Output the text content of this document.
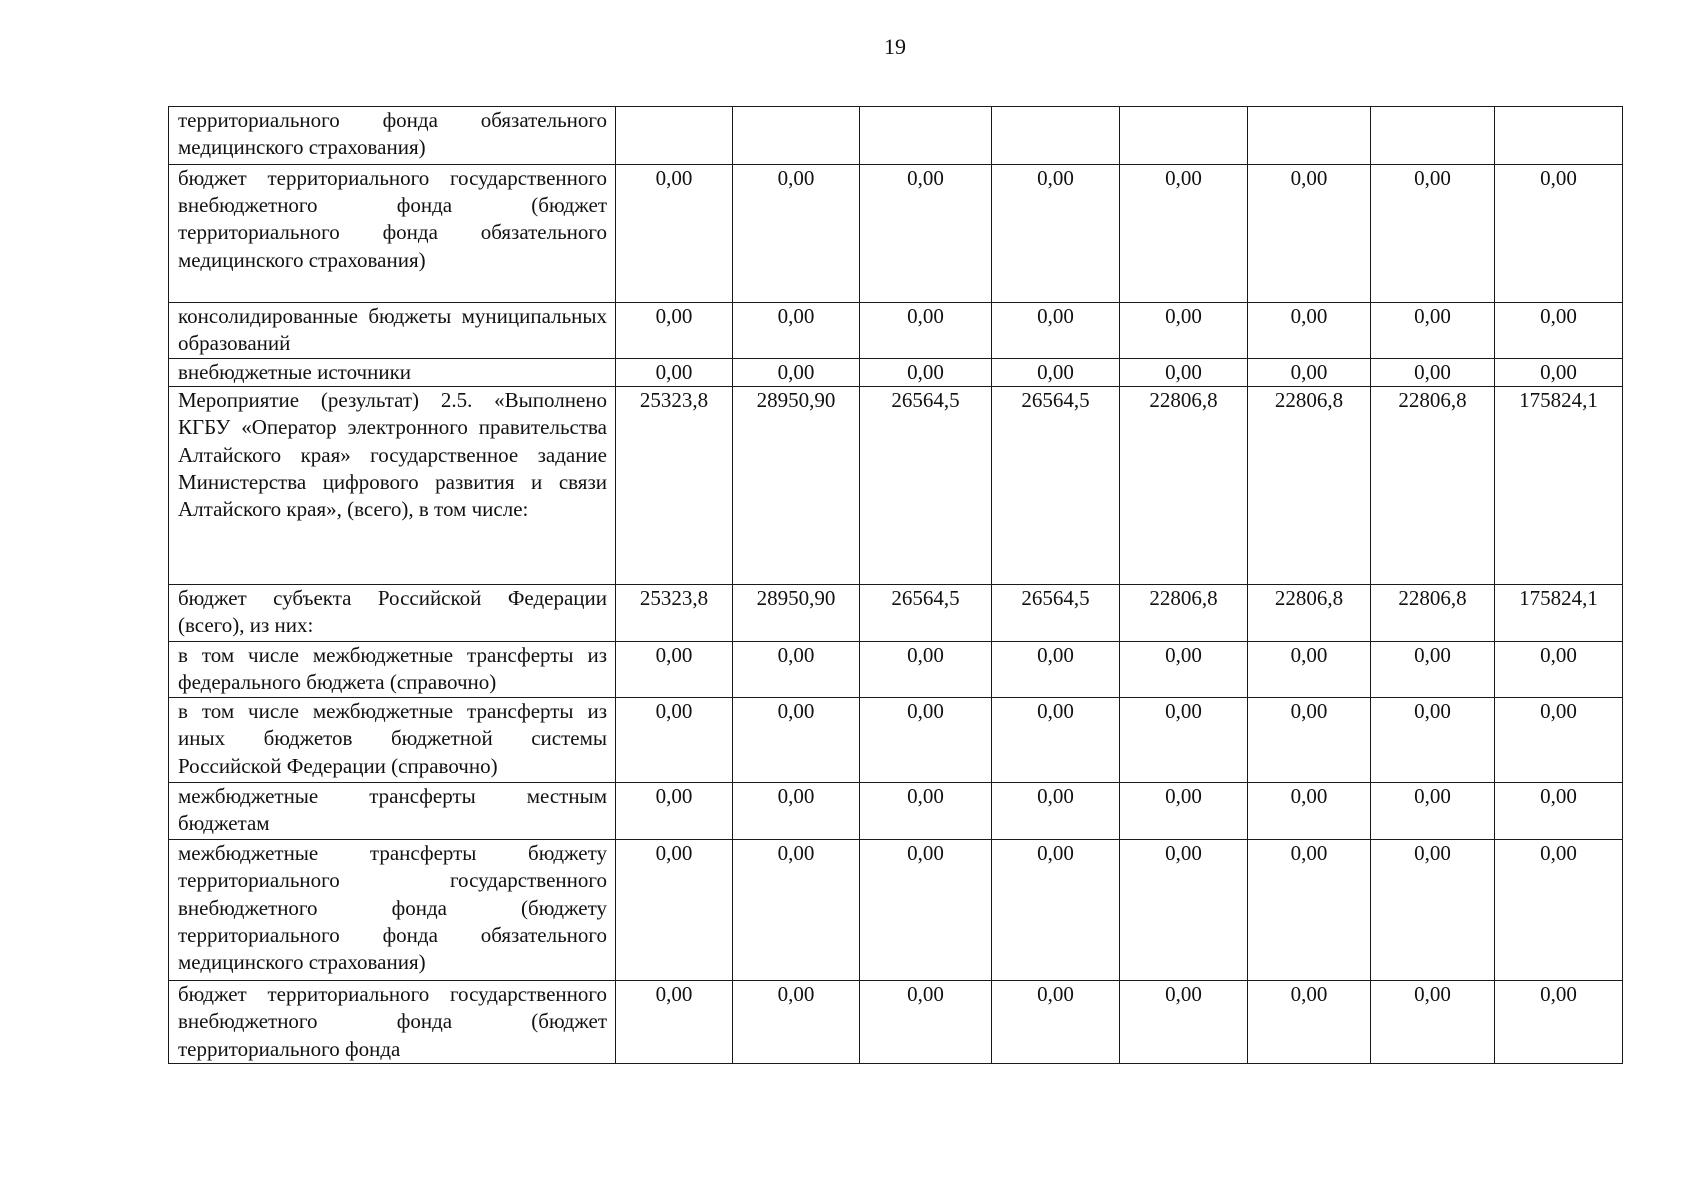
19
территориального фонда обязательного медицинского страхования)								
бюджет территориального государственного внебюджетного фонда (бюджет территориального фонда обязательного медицинского страхования)	0,00	0,00	0,00	0,00	0,00	0,00	0,00	0,00
консолидированные бюджеты муниципальных образований	0,00	0,00	0,00	0,00	0,00	0,00	0,00	0,00
внебюджетные источники	0,00	0,00	0,00	0,00	0,00	0,00	0,00	0,00
Мероприятие (результат) 2.5. «Выполнено КГБУ «Оператор электронного правительства Алтайского края» государственное задание Министерства цифрового развития и связи Алтайского края», (всего), в том числе:	25323,8	28950,90	26564,5	26564,5	22806,8	22806,8	22806,8	175824,1
бюджет субъекта Российской Федерации (всего), из них:	25323,8	28950,90	26564,5	26564,5	22806,8	22806,8	22806,8	175824,1
в том числе межбюджетные трансферты из федерального бюджета (справочно)	0,00	0,00	0,00	0,00	0,00	0,00	0,00	0,00
в том числе межбюджетные трансферты из иных бюджетов бюджетной системы Российской Федерации (справочно)	0,00	0,00	0,00	0,00	0,00	0,00	0,00	0,00
межбюджетные трансферты местным бюджетам	0,00	0,00	0,00	0,00	0,00	0,00	0,00	0,00
межбюджетные трансферты бюджету территориального государственного внебюджетного фонда (бюджету территориального фонда обязательного медицинского страхования)	0,00	0,00	0,00	0,00	0,00	0,00	0,00	0,00
бюджет территориального государственного внебюджетного фонда (бюджет территориального фонда	0,00	0,00	0,00	0,00	0,00	0,00	0,00	0,00
